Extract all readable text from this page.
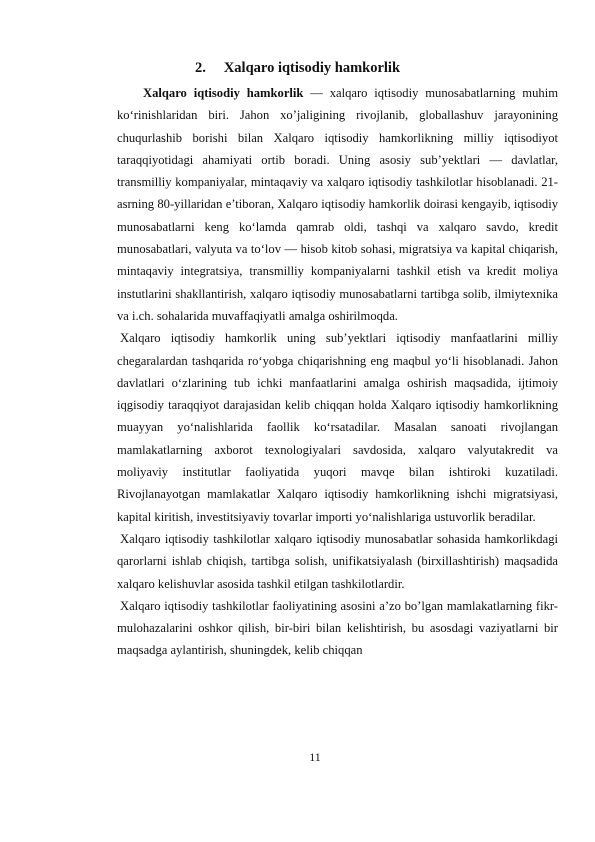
2. Xalqaro iqtisodiy hamkorlik

Xalqaro iqtisodiy hamkorlik — xalqaro iqtisodiy munosabatlarning muhim ko‘rinishlaridan biri. Jahon xo’jaligining rivojlanib, globallashuv jarayonining chuqurlashib borishi bilan Xalqaro iqtisodiy hamkorlikning milliy iqtisodiyot taraqqiyotidagi ahamiyati ortib boradi. Uning asosiy sub’yektlari — davlatlar, transmilliy kompaniyalar, mintaqaviy va xalqaro iqtisodiy tashkilotlar hisoblanadi. 21-asrning 80-yillaridan e’tiboran, Xalqaro iqtisodiy hamkorlik doirasi kengayib, iqtisodiy munosabatlarni keng ko‘lamda qamrab oldi, tashqi va xalqaro savdo, kredit munosabatlari, valyuta va to‘lov — hisob kitob sohasi, migratsiya va kapital chiqarish, mintaqaviy integratsiya, transmilliy kompaniyalarni tashkil etish va kredit moliya instutlarini shakllantirish, xalqaro iqtisodiy munosabatlarni tartibga solib, ilmiytexnika va i.ch. sohalarida muvaffaqiyatli amalga oshirilmoqda.

Xalqaro iqtisodiy hamkorlik uning sub’yektlari iqtisodiy manfaatlarini milliy chegaralardan tashqarida ro‘yobga chiqarishning eng maqbul yo‘li hisoblanadi. Jahon davlatlari o‘zlarining tub ichki manfaatlarini amalga oshirish maqsadida, ijtimoiy iqgisodiy taraqqiyot darajasidan kelib chiqqan holda Xalqaro iqtisodiy hamkorlikning muayyan yo‘nalishlarida faollik ko‘rsatadilar. Masalan sanoati rivojlangan mamlakatlarning axborot texnologiyalari savdosida, xalqaro valyutakredit va moliyaviy institutlar faoliyatida yuqori mavqe bilan ishtiroki kuzatiladi. Rivojlanayotgan mamlakatlar Xalqaro iqtisodiy hamkorlikning ishchi migratsiyasi, kapital kiritish, investitsiyaviy tovarlar importi yo‘nalishlariga ustuvorlik beradilar.

Xalqaro iqtisodiy tashkilotlar xalqaro iqtisodiy munosabatlar sohasida hamkorlikdagi qarorlarni ishlab chiqish, tartibga solish, unifikatsiyalash (birxillashtirish) maqsadida xalqaro kelishuvlar asosida tashkil etilgan tashkilotlardir.

Xalqaro iqtisodiy tashkilotlar faoliyatining asosini a’zo bo’lgan mamlakatlarning fikr-mulohazalarini oshkor qilish, bir-biri bilan kelishtirish, bu asosdagi vaziyatlarni bir maqsadga aylantirish, shuningdek, kelib chiqqan

11
